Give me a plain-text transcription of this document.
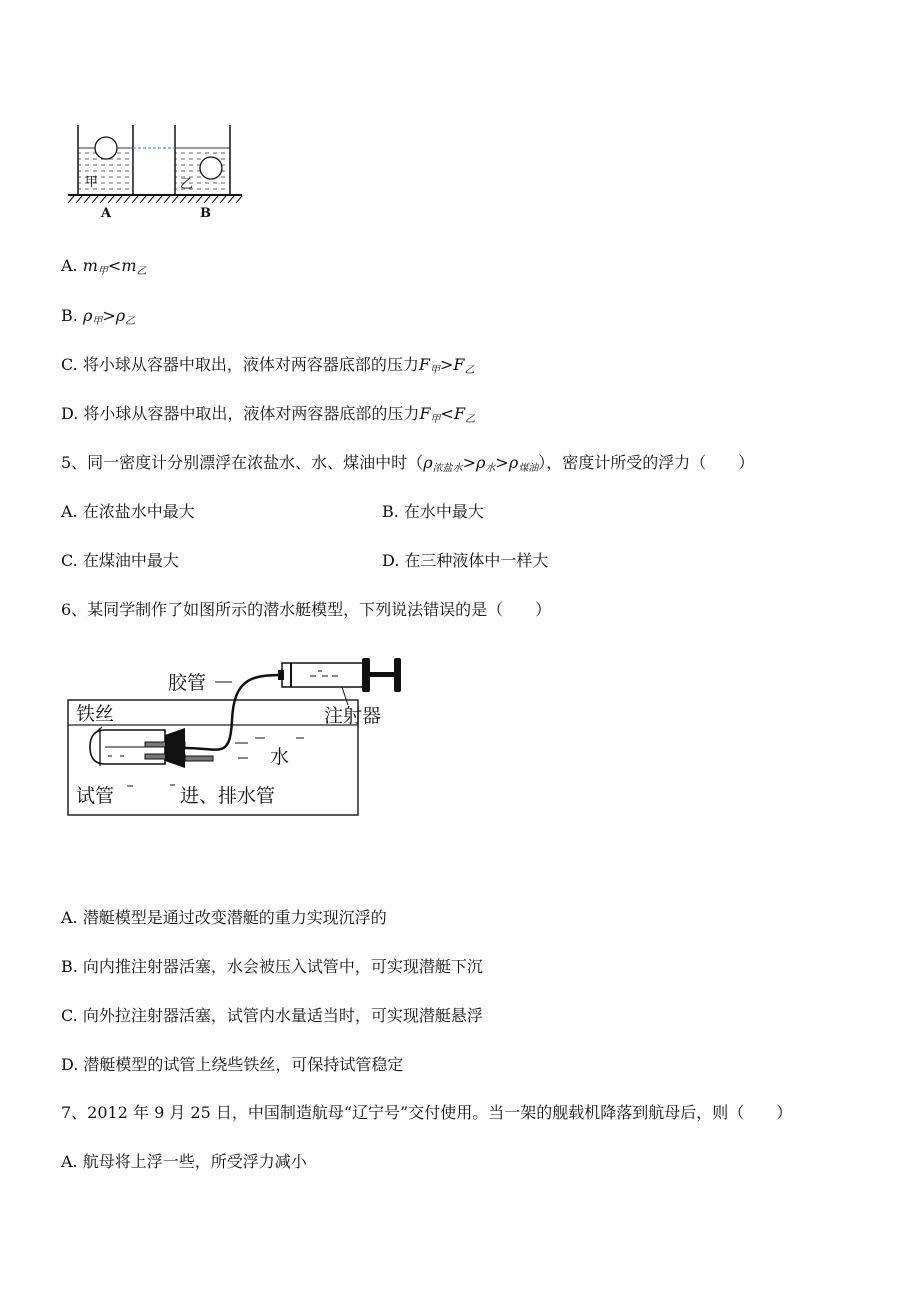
甲	乙
A	B
A. m甲<m乙
B. ρ甲>ρ乙
C. 将小球从容器中取出，液体对两容器底部的压力F甲>F乙
D. 将小球从容器中取出，液体对两容器底部的压力F甲<F乙
5、同一密度计分别漂浮在浓盐水、水、煤油中时（ρ浓盐水>ρ水>ρ煤油），密度计所受的浮力（　　）
A. 在浓盐水中最大	B. 在水中最大
C. 在煤油中最大	D. 在三种液体中一样大
6、某同学制作了如图所示的潜水艇模型，下列说法错误的是（　　）
胶管
铁丝	注射器
水
试管	进、排水管
A. 潜艇模型是通过改变潜艇的重力实现沉浮的
B. 向内推注射器活塞，水会被压入试管中，可实现潜艇下沉
C. 向外拉注射器活塞，试管内水量适当时，可实现潜艇悬浮
D. 潜艇模型的试管上绕些铁丝，可保持试管稳定
7、2012 年 9 月 25 日，中国制造航母“辽宁号”交付使用。当一架的舰载机降落到航母后，则（　　）
A. 航母将上浮一些，所受浮力减小
